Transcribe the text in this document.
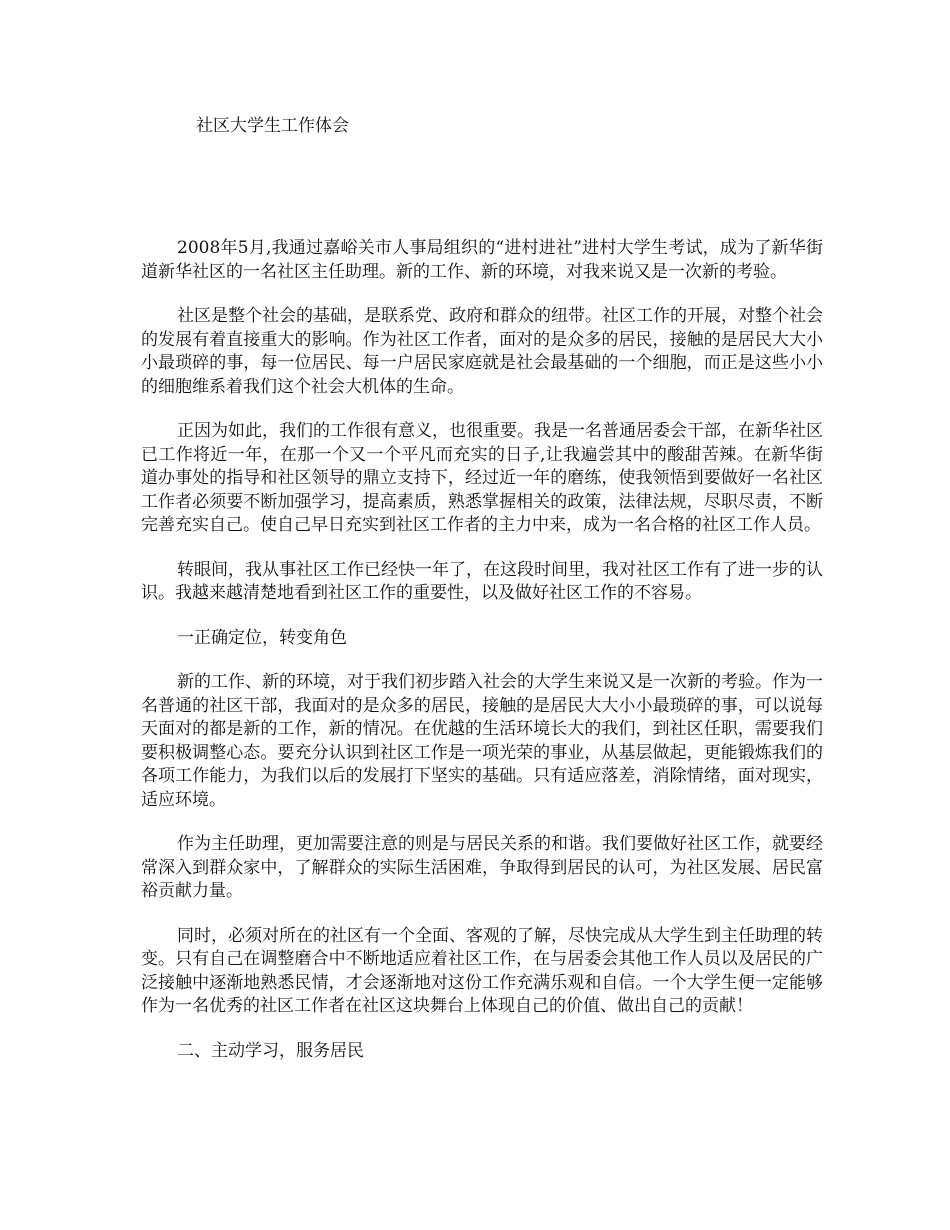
社区大学生工作体会

2008年5月,我通过嘉峪关市人事局组织的“进村进社”进村大学生考试，成为了新华街道新华社区的一名社区主任助理。新的工作、新的环境，对我来说又是一次新的考验。

社区是整个社会的基础，是联系党、政府和群众的纽带。社区工作的开展，对整个社会的发展有着直接重大的影响。作为社区工作者，面对的是众多的居民，接触的是居民大大小小最琐碎的事，每一位居民、每一户居民家庭就是社会最基础的一个细胞，而正是这些小小的细胞维系着我们这个社会大机体的生命。

正因为如此，我们的工作很有意义，也很重要。我是一名普通居委会干部，在新华社区已工作将近一年，在那一个又一个平凡而充实的日子,让我遍尝其中的酸甜苦辣。在新华街道办事处的指导和社区领导的鼎立支持下，经过近一年的磨练，使我领悟到要做好一名社区工作者必须要不断加强学习，提高素质，熟悉掌握相关的政策，法律法规，尽职尽责，不断完善充实自己。使自己早日充实到社区工作者的主力中来，成为一名合格的社区工作人员。

转眼间，我从事社区工作已经快一年了，在这段时间里，我对社区工作有了进一步的认识。我越来越清楚地看到社区工作的重要性，以及做好社区工作的不容易。

一正确定位，转变角色

新的工作、新的环境，对于我们初步踏入社会的大学生来说又是一次新的考验。作为一名普通的社区干部，我面对的是众多的居民，接触的是居民大大小小最琐碎的事，可以说每天面对的都是新的工作，新的情况。在优越的生活环境长大的我们，到社区任职，需要我们要积极调整心态。要充分认识到社区工作是一项光荣的事业，从基层做起，更能锻炼我们的各项工作能力，为我们以后的发展打下坚实的基础。只有适应落差，消除情绪，面对现实，适应环境。

作为主任助理，更加需要注意的则是与居民关系的和谐。我们要做好社区工作，就要经常深入到群众家中，了解群众的实际生活困难，争取得到居民的认可，为社区发展、居民富裕贡献力量。

同时，必须对所在的社区有一个全面、客观的了解，尽快完成从大学生到主任助理的转变。只有自己在调整磨合中不断地适应着社区工作，在与居委会其他工作人员以及居民的广泛接触中逐渐地熟悉民情，才会逐渐地对这份工作充满乐观和自信。一个大学生便一定能够作为一名优秀的社区工作者在社区这块舞台上体现自己的价值、做出自己的贡献！

二、主动学习，服务居民
